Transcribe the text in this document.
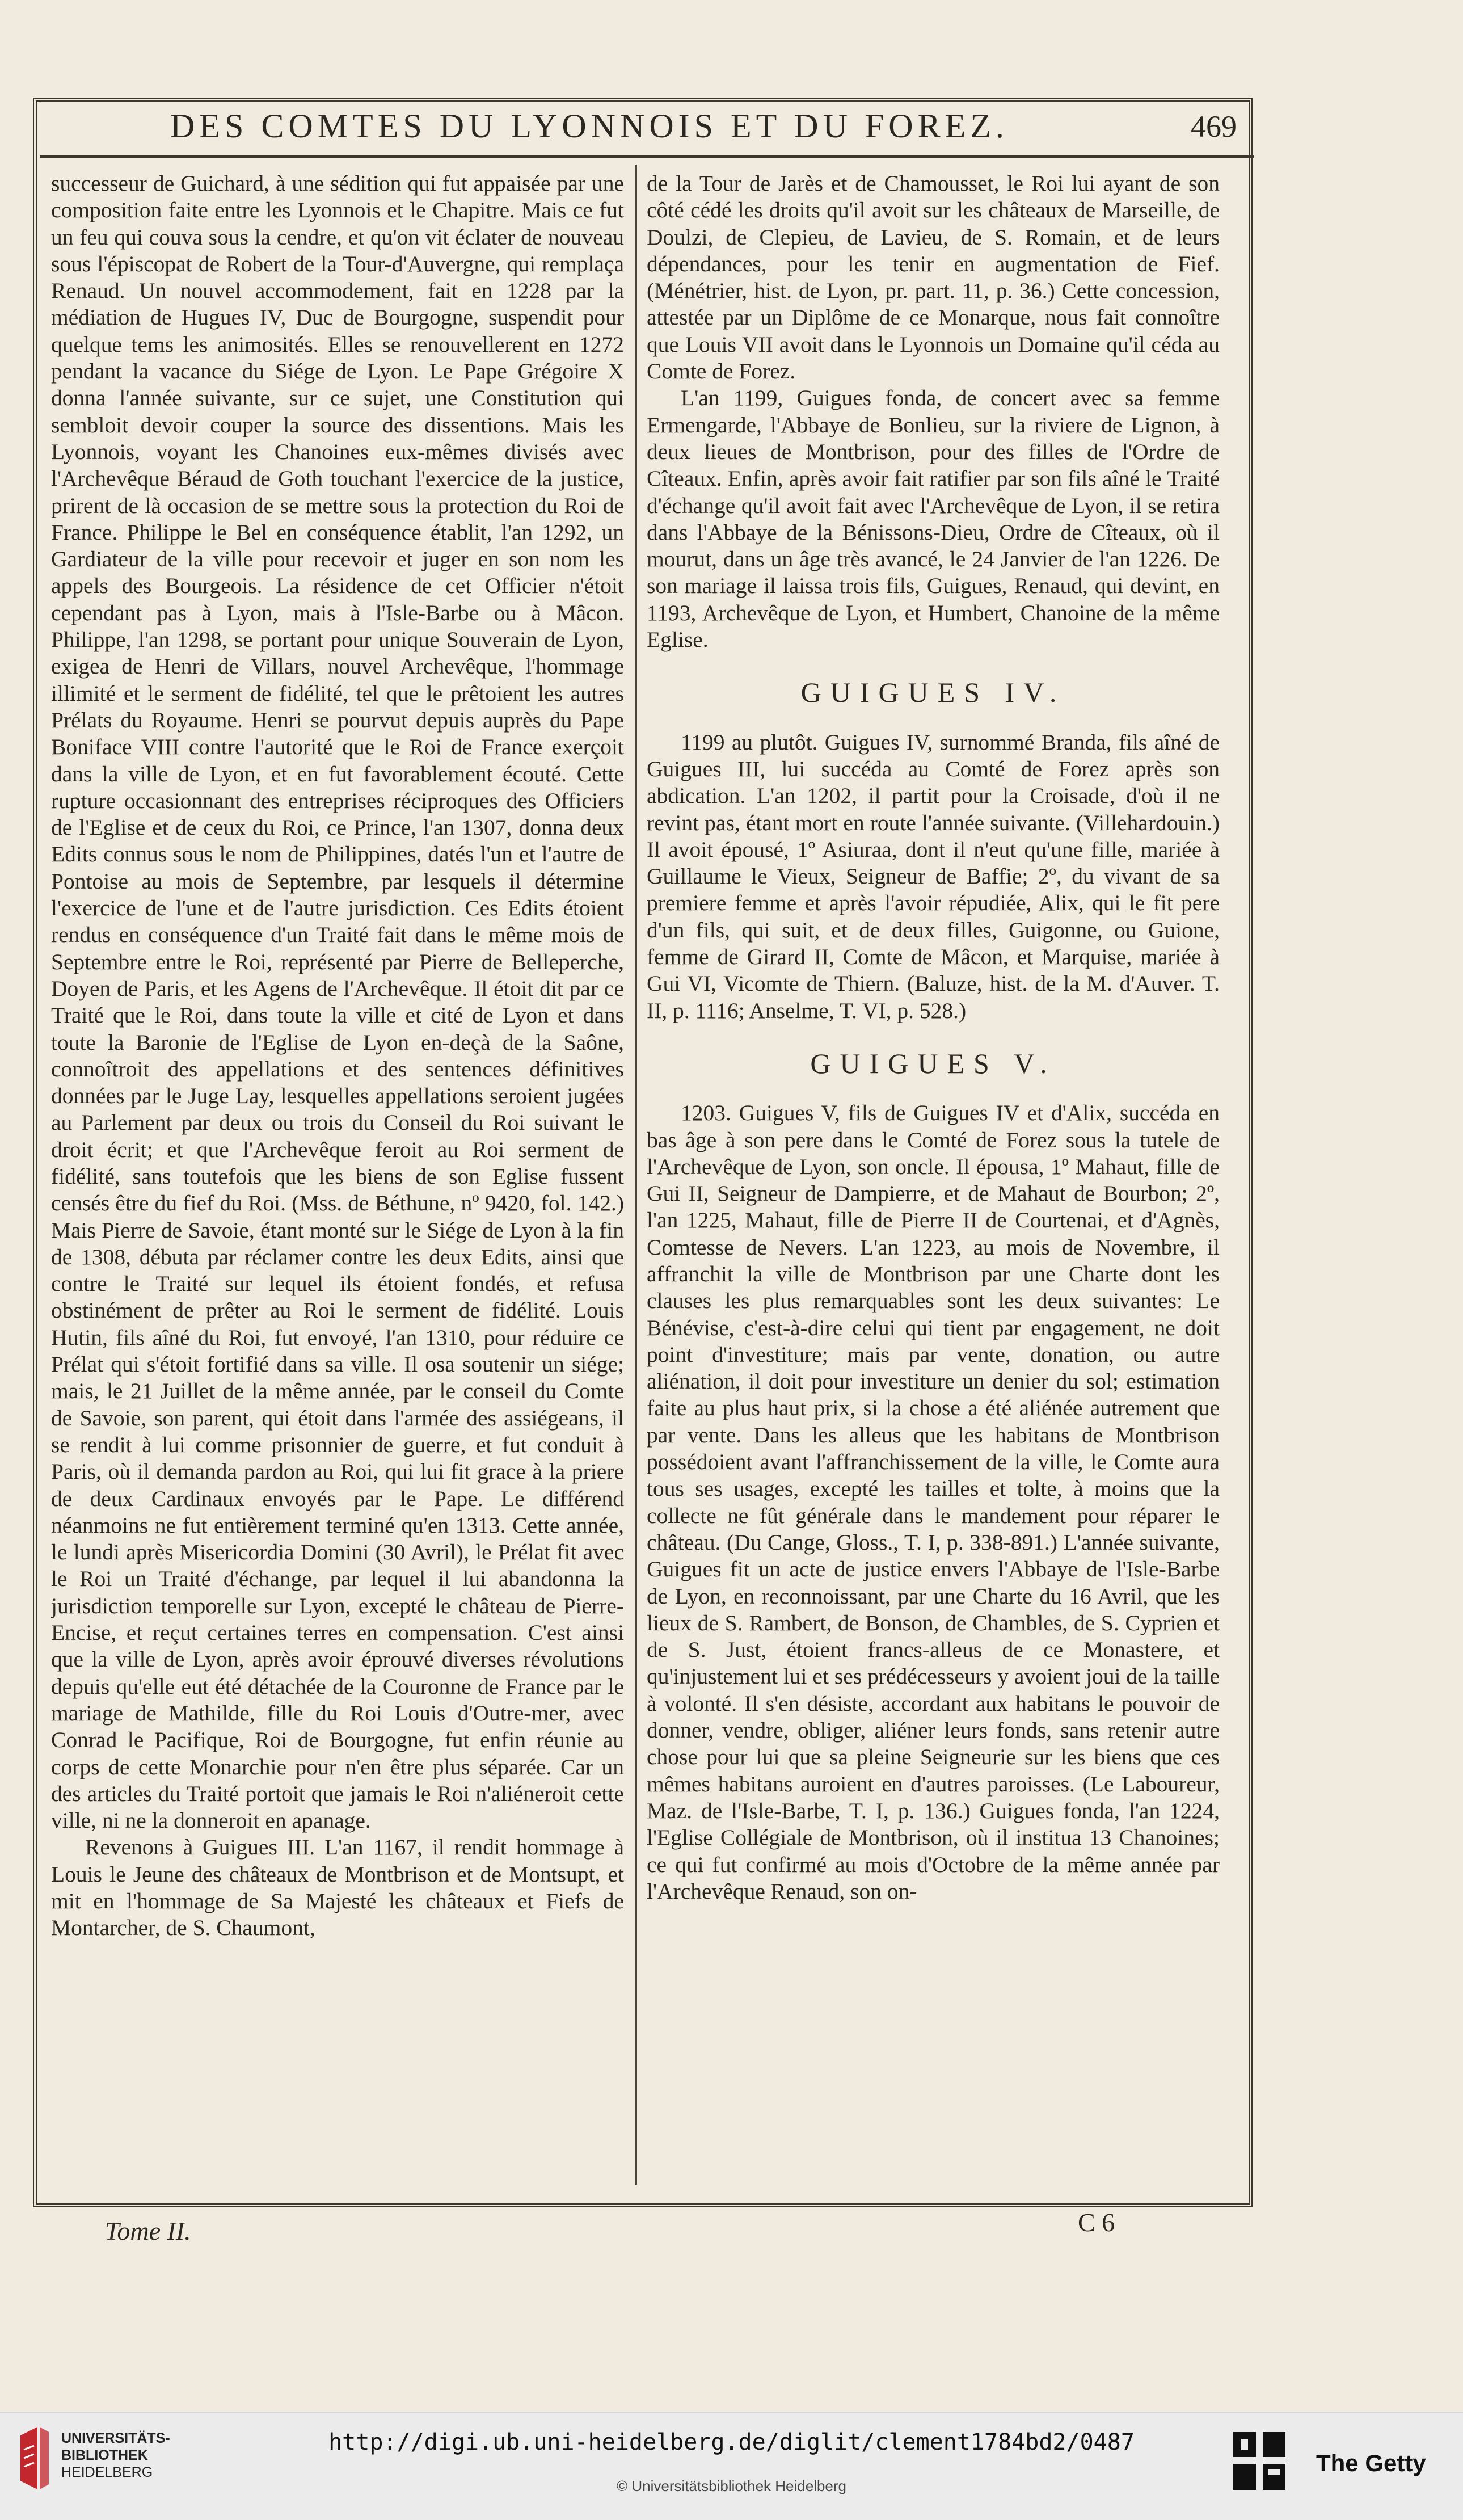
DES COMTES DU LYONNOIS ET DU FOREZ.	469

successeur de Guichard, à une sédition qui fut appaisée par une composition faite entre les Lyonnois et le Chapitre. Mais ce fut un feu qui couva sous la cendre, et qu'on vit éclater de nouveau sous l'épiscopat de Robert de la Tour-d'Auvergne, qui remplaça Renaud. Un nouvel accommodement, fait en 1228 par la médiation de Hugues IV, Duc de Bourgogne, suspendit pour quelque tems les animosités. Elles se renouvellerent en 1272 pendant la vacance du Siége de Lyon. Le Pape Grégoire X donna l'année suivante, sur ce sujet, une Constitution qui sembloit devoir couper la source des dissentions. Mais les Lyonnois, voyant les Chanoines eux-mêmes divisés avec l'Archevêque Béraud de Goth touchant l'exercice de la justice, prirent de là occasion de se mettre sous la protection du Roi de France. Philippe le Bel en conséquence établit, l'an 1292, un Gardiateur de la ville pour recevoir et juger en son nom les appels des Bourgeois. La résidence de cet Officier n'étoit cependant pas à Lyon, mais à l'Isle-Barbe ou à Mâcon. Philippe, l'an 1298, se portant pour unique Souverain de Lyon, exigea de Henri de Villars, nouvel Archevêque, l'hommage illimité et le serment de fidélité, tel que le prêtoient les autres Prélats du Royaume. Henri se pourvut depuis auprès du Pape Boniface VIII contre l'autorité que le Roi de France exerçoit dans la ville de Lyon, et en fut favorablement écouté. Cette rupture occasionnant des entreprises réciproques des Officiers de l'Eglise et de ceux du Roi, ce Prince, l'an 1307, donna deux Edits connus sous le nom de Philippines, datés l'un et l'autre de Pontoise au mois de Septembre, par lesquels il détermine l'exercice de l'une et de l'autre jurisdiction. Ces Edits étoient rendus en conséquence d'un Traité fait dans le même mois de Septembre entre le Roi, représenté par Pierre de Belleperche, Doyen de Paris, et les Agens de l'Archevêque. Il étoit dit par ce Traité que le Roi, dans toute la ville et cité de Lyon et dans toute la Baronie de l'Eglise de Lyon en-deçà de la Saône, connoîtroit des appellations et des sentences définitives données par le Juge Lay, lesquelles appellations seroient jugées au Parlement par deux ou trois du Conseil du Roi suivant le droit écrit; et que l'Archevêque feroit au Roi serment de fidélité, sans toutefois que les biens de son Eglise fussent censés être du fief du Roi. (Mss. de Béthune, nº 9420, fol. 142.) Mais Pierre de Savoie, étant monté sur le Siége de Lyon à la fin de 1308, débuta par réclamer contre les deux Edits, ainsi que contre le Traité sur lequel ils étoient fondés, et refusa obstinément de prêter au Roi le serment de fidélité. Louis Hutin, fils aîné du Roi, fut envoyé, l'an 1310, pour réduire ce Prélat qui s'étoit fortifié dans sa ville. Il osa soutenir un siége; mais, le 21 Juillet de la même année, par le conseil du Comte de Savoie, son parent, qui étoit dans l'armée des assiégeans, il se rendit à lui comme prisonnier de guerre, et fut conduit à Paris, où il demanda pardon au Roi, qui lui fit grace à la priere de deux Cardinaux envoyés par le Pape. Le différend néanmoins ne fut entièrement terminé qu'en 1313. Cette année, le lundi après Misericordia Domini (30 Avril), le Prélat fit avec le Roi un Traité d'échange, par lequel il lui abandonna la jurisdiction temporelle sur Lyon, excepté le château de Pierre-Encise, et reçut certaines terres en compensation. C'est ainsi que la ville de Lyon, après avoir éprouvé diverses révolutions depuis qu'elle eut été détachée de la Couronne de France par le mariage de Mathilde, fille du Roi Louis d'Outre-mer, avec Conrad le Pacifique, Roi de Bourgogne, fut enfin réunie au corps de cette Monarchie pour n'en être plus séparée. Car un des articles du Traité portoit que jamais le Roi n'aliéneroit cette ville, ni ne la donneroit en apanage.

Revenons à Guigues III. L'an 1167, il rendit hommage à Louis le Jeune des châteaux de Montbrison et de Montsupt, et mit en l'hommage de Sa Majesté les châteaux et Fiefs de Montarcher, de S. Chaumont,

de la Tour de Jarès et de Chamousset, le Roi lui ayant de son côté cédé les droits qu'il avoit sur les châteaux de Marseille, de Doulzi, de Clepieu, de Lavieu, de S. Romain, et de leurs dépendances, pour les tenir en augmentation de Fief. (Ménétrier, hist. de Lyon, pr. part. 11, p. 36.) Cette concession, attestée par un Diplôme de ce Monarque, nous fait connoître que Louis VII avoit dans le Lyonnois un Domaine qu'il céda au Comte de Forez.

L'an 1199, Guigues fonda, de concert avec sa femme Ermengarde, l'Abbaye de Bonlieu, sur la riviere de Lignon, à deux lieues de Montbrison, pour des filles de l'Ordre de Cîteaux. Enfin, après avoir fait ratifier par son fils aîné le Traité d'échange qu'il avoit fait avec l'Archevêque de Lyon, il se retira dans l'Abbaye de la Bénissons-Dieu, Ordre de Cîteaux, où il mourut, dans un âge très avancé, le 24 Janvier de l'an 1226. De son mariage il laissa trois fils, Guigues, Renaud, qui devint, en 1193, Archevêque de Lyon, et Humbert, Chanoine de la même Eglise.

GUIGUES IV.

1199 au plutôt. Guigues IV, surnommé Branda, fils aîné de Guigues III, lui succéda au Comté de Forez après son abdication. L'an 1202, il partit pour la Croisade, d'où il ne revint pas, étant mort en route l'année suivante. (Villehardouin.) Il avoit épousé, 1º Asiuraa, dont il n'eut qu'une fille, mariée à Guillaume le Vieux, Seigneur de Baffie; 2º, du vivant de sa premiere femme et après l'avoir répudiée, Alix, qui le fit pere d'un fils, qui suit, et de deux filles, Guigonne, ou Guione, femme de Girard II, Comte de Mâcon, et Marquise, mariée à Gui VI, Vicomte de Thiern. (Baluze, hist. de la M. d'Auver. T. II, p. 1116; Anselme, T. VI, p. 528.)

GUIGUES V.

1203. Guigues V, fils de Guigues IV et d'Alix, succéda en bas âge à son pere dans le Comté de Forez sous la tutele de l'Archevêque de Lyon, son oncle. Il épousa, 1º Mahaut, fille de Gui II, Seigneur de Dampierre, et de Mahaut de Bourbon; 2º, l'an 1225, Mahaut, fille de Pierre II de Courtenai, et d'Agnès, Comtesse de Nevers. L'an 1223, au mois de Novembre, il affranchit la ville de Montbrison par une Charte dont les clauses les plus remarquables sont les deux suivantes: Le Bénévise, c'est-à-dire celui qui tient par engagement, ne doit point d'investiture; mais par vente, donation, ou autre aliénation, il doit pour investiture un denier du sol; estimation faite au plus haut prix, si la chose a été aliénée autrement que par vente. Dans les alleus que les habitans de Montbrison possédoient avant l'affranchissement de la ville, le Comte aura tous ses usages, excepté les tailles et tolte, à moins que la collecte ne fût générale dans le mandement pour réparer le château. (Du Cange, Gloss., T. I, p. 338-891.) L'année suivante, Guigues fit un acte de justice envers l'Abbaye de l'Isle-Barbe de Lyon, en reconnoissant, par une Charte du 16 Avril, que les lieux de S. Rambert, de Bonson, de Chambles, de S. Cyprien et de S. Just, étoient francs-alleus de ce Monastere, et qu'injustement lui et ses prédécesseurs y avoient joui de la taille à volonté. Il s'en désiste, accordant aux habitans le pouvoir de donner, vendre, obliger, aliéner leurs fonds, sans retenir autre chose pour lui que sa pleine Seigneurie sur les biens que ces mêmes habitans auroient en d'autres paroisses. (Le Laboureur, Maz. de l'Isle-Barbe, T. I, p. 136.) Guigues fonda, l'an 1224, l'Eglise Collégiale de Montbrison, où il institua 13 Chanoines; ce qui fut confirmé au mois d'Octobre de la même année par l'Archevêque Renaud, son on-

Tome II.	C 6
UNIVERSITÄTS-
BIBLIOTHEK
HEIDELBERG
http://digi.ub.uni-heidelberg.de/diglit/clement1784bd2/0487
© Universitätsbibliothek Heidelberg
The Getty
